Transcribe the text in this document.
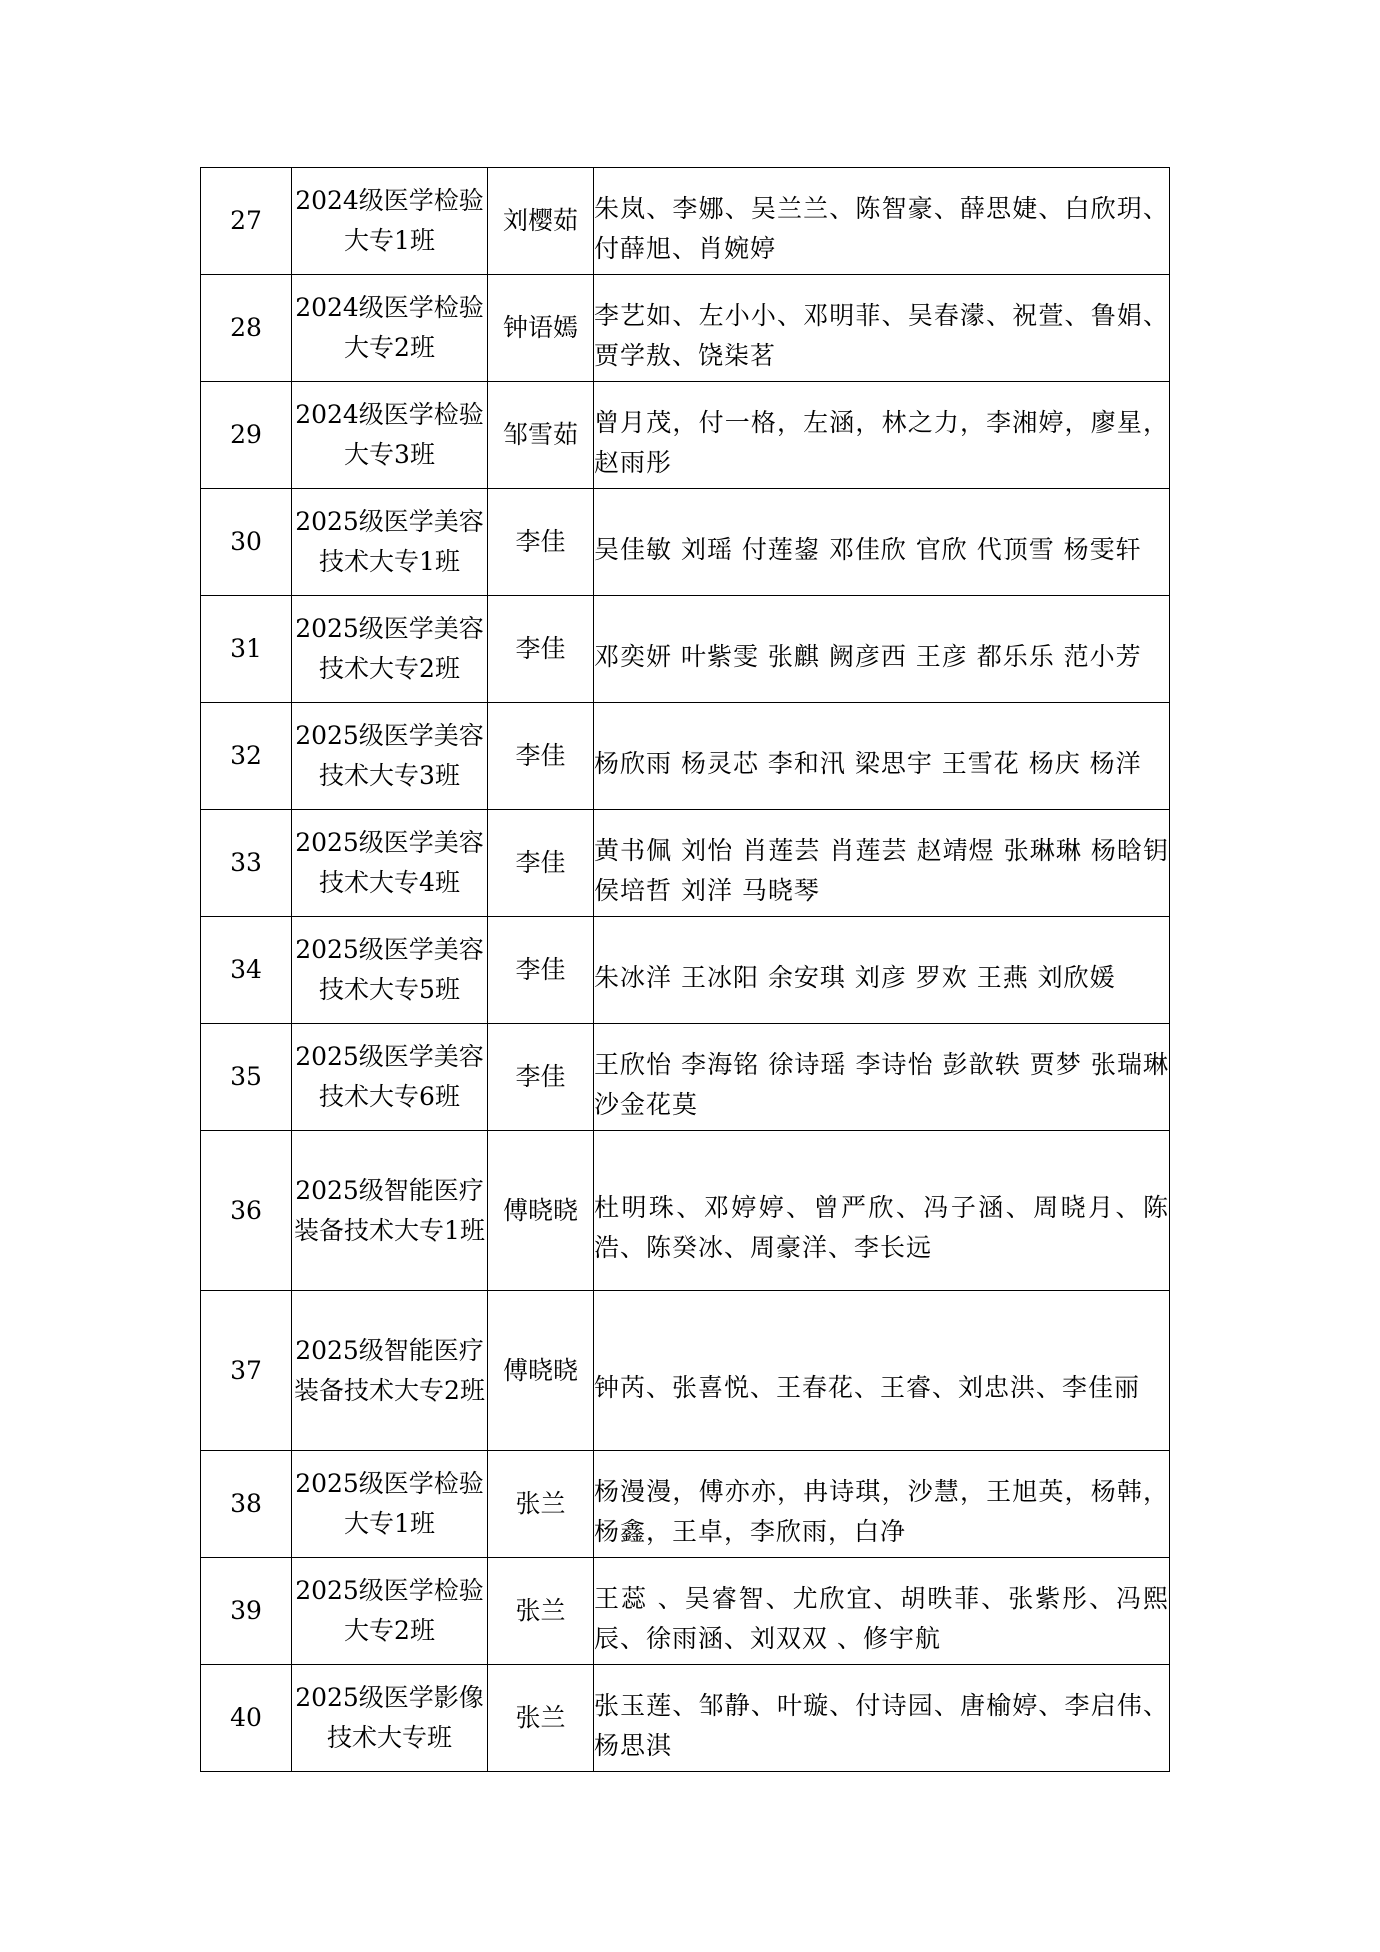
27	2024级医学检验大专1班	刘樱茹	朱岚、李娜、吴兰兰、陈智豪、薛思婕、白欣玥、付薛旭、肖婉婷

28	2024级医学检验大专2班	钟语嫣	李艺如、左小小、邓明菲、吴春濛、祝萱、鲁娟、贾学敖、饶柒茗

29	2024级医学检验大专3班	邹雪茹	曾月茂，付一格，左涵，林之力，李湘婷，廖星，赵雨彤

30	2025级医学美容技术大专1班	李佳	吴佳敏 刘瑶 付莲鋆 邓佳欣 官欣 代顶雪 杨雯轩

31	2025级医学美容技术大专2班	李佳	邓奕妍 叶紫雯 张麒 阙彦西 王彦 都乐乐 范小芳

32	2025级医学美容技术大专3班	李佳	杨欣雨 杨灵芯 李和汛 梁思宇 王雪花 杨庆 杨洋

33	2025级医学美容技术大专4班	李佳	黄书佩 刘怡 肖莲芸 肖莲芸 赵靖煜 张琳琳 杨晗钥 侯培哲 刘洋 马晓琴

34	2025级医学美容技术大专5班	李佳	朱冰洋 王冰阳 余安琪 刘彦 罗欢 王燕 刘欣媛

35	2025级医学美容技术大专6班	李佳	王欣怡 李海铭 徐诗瑶 李诗怡 彭歆轶 贾梦 张瑞琳 沙金花莫

36	2025级智能医疗装备技术大专1班	傅晓晓	杜明珠、邓婷婷、曾严欣、冯子涵、周晓月、陈浩、陈癸冰、周豪洋、李长远

37	2025级智能医疗装备技术大专2班	傅晓晓	钟芮、张喜悦、王春花、王睿、刘忠洪、李佳丽

38	2025级医学检验大专1班	张兰	杨漫漫，傅亦亦，冉诗琪，沙慧，王旭英，杨韩，杨鑫，王卓，李欣雨，白净

39	2025级医学检验大专2班	张兰	王蕊 、吴睿智、尤欣宜、胡昳菲、张紫彤、冯熙辰、徐雨涵、刘双双 、修宇航

40	2025级医学影像技术大专班	张兰	张玉莲、邹静、叶璇、付诗园、唐榆婷、李启伟、杨思淇
